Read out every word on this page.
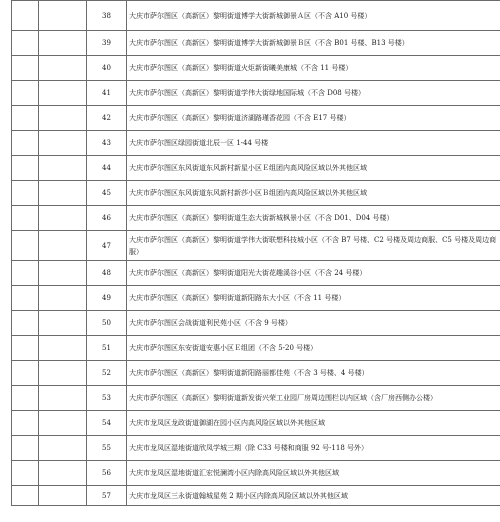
		38	大庆市萨尔图区（高新区）黎明街道博学大街新城御景Ａ区（不含 A10 号楼）
		39	大庆市萨尔图区（高新区）黎明街道博学大街新城御景Ｂ区（不含 B01 号楼、B13 号楼）
		40	大庆市萨尔图区（高新区）黎明街道火炬新街曦美康城（不含 11 号楼）
		41	大庆市萨尔图区（高新区）黎明街道学伟大街绿地国际城（不含 D08 号楼）
		42	大庆市萨尔图区（高新区）黎明街道济湖路瑾香花园（不含 E17 号楼）
		43	大庆市萨尔图区绿园街道北辰一区 1-44 号楼
		44	大庆市萨尔图区东风街道东风新村新星小区Ｅ组团内高风险区域以外其他区域
		45	大庆市萨尔图区东风街道东风新村新莎小区Ｂ组团内高风险区域以外其他区域
		46	大庆市萨尔图区（高新区）黎明街道生态大街新城枫景小区（不含 D01、D04 号楼）
		47	大庆市萨尔图区（高新区）黎明街道学伟大街联想科技城小区（不含 B7 号楼、C2 号楼及周边商服、C5 号楼及周边商服）
		48	大庆市萨尔图区（高新区）黎明街道阳光大街花趣溪谷小区（不含 24 号楼）
		49	大庆市萨尔图区（高新区）黎明街道新阳路东大小区（不含 11 号楼）
		50	大庆市萨尔图区会战街道利民苑小区（不含 9 号楼）
		51	大庆市萨尔图区东安街道安惠小区Ｅ组团（不含 5-20 号楼）
		52	大庆市萨尔图区（高新区）黎明街道新阳路丽都佳苑（不含 3 号楼、4 号楼）
		53	大庆市萨尔图区（高新区）黎明街道新发街兴荣工业园厂房周边围栏以内区域（含厂房西侧办公楼）
		54	大庆市龙凤区龙政街道御湖在园小区内高风险区域以外其他区域
		55	大庆市龙凤区湿地街道欣凤学城三期（除 C33 号楼和商服 92 号-118 号外）
		56	大庆市龙凤区湿地街道汇宏悦澜湾小区内除高风险区域以外其他区域
		57	大庆市龙凤区三永街道翰城星苑 2 期小区内除高风险区域以外其他区域
